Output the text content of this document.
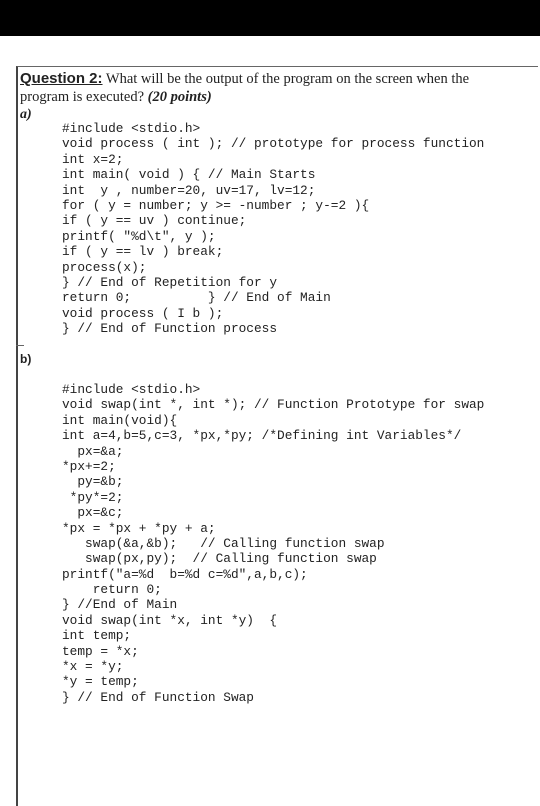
Question 2: What will be the output of the program on the screen when the
program is executed? (20 points)
a)
#include <stdio.h>
void process ( int ); // prototype for process function
int x=2;
int main( void ) { // Main Starts
int  y , number=20, uv=17, lv=12;
for ( y = number; y >= -number ; y-=2 ){
if ( y == uv ) continue;
printf( "%d\t", y );
if ( y == lv ) break;
process(x);
} // End of Repetition for y
return 0;          } // End of Main
void process ( I b );
} // End of Function process
b)
#include <stdio.h>
void swap(int *, int *); // Function Prototype for swap
int main(void){
int a=4,b=5,c=3, *px,*py; /*Defining int Variables*/
px=&a;
*px+=2;
py=&b;
*py*=2;
px=&c;
*px = *px + *py + a;
swap(&a,&b);   // Calling function swap
swap(px,py);  // Calling function swap
printf("a=%d  b=%d c=%d",a,b,c);
return 0;
} //End of Main
void swap(int *x, int *y)  {
int temp;
temp = *x;
*x = *y;
*y = temp;
} // End of Function Swap
